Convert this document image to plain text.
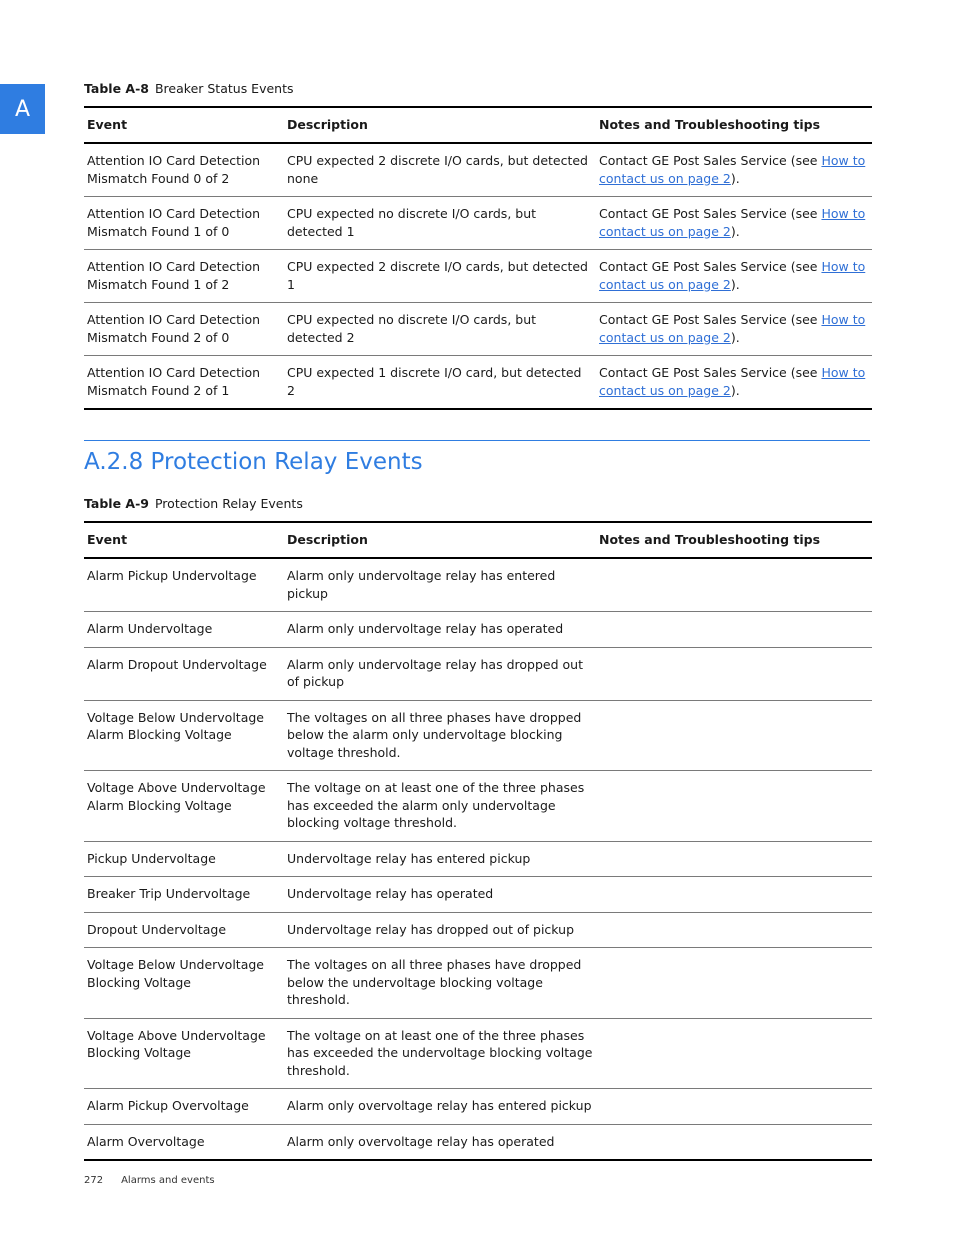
A
Table A-8 Breaker Status Events
Event	Description	Notes and Troubleshooting tips
Attention IO Card Detection Mismatch Found 0 of 2	CPU expected 2 discrete I/O cards, but detected none	Contact GE Post Sales Service (see How to contact us on page 2).
Attention IO Card Detection Mismatch Found 1 of 0	CPU expected no discrete I/O cards, but detected 1	Contact GE Post Sales Service (see How to contact us on page 2).
Attention IO Card Detection Mismatch Found 1 of 2	CPU expected 2 discrete I/O cards, but detected 1	Contact GE Post Sales Service (see How to contact us on page 2).
Attention IO Card Detection Mismatch Found 2 of 0	CPU expected no discrete I/O cards, but detected 2	Contact GE Post Sales Service (see How to contact us on page 2).
Attention IO Card Detection Mismatch Found 2 of 1	CPU expected 1 discrete I/O card, but detected 2	Contact GE Post Sales Service (see How to contact us on page 2).
A.2.8 Protection Relay Events
Table A-9 Protection Relay Events
Event	Description	Notes and Troubleshooting tips
Alarm Pickup Undervoltage	Alarm only undervoltage relay has entered pickup	
Alarm Undervoltage	Alarm only undervoltage relay has operated	
Alarm Dropout Undervoltage	Alarm only undervoltage relay has dropped out of pickup	
Voltage Below Undervoltage Alarm Blocking Voltage	The voltages on all three phases have dropped below the alarm only undervoltage blocking voltage threshold.	
Voltage Above Undervoltage Alarm Blocking Voltage	The voltage on at least one of the three phases has exceeded the alarm only undervoltage blocking voltage threshold.	
Pickup Undervoltage	Undervoltage relay has entered pickup	
Breaker Trip Undervoltage	Undervoltage relay has operated	
Dropout Undervoltage	Undervoltage relay has dropped out of pickup	
Voltage Below Undervoltage Blocking Voltage	The voltages on all three phases have dropped below the undervoltage blocking voltage threshold.	
Voltage Above Undervoltage Blocking Voltage	The voltage on at least one of the three phases has exceeded the undervoltage blocking voltage threshold.	
Alarm Pickup Overvoltage	Alarm only overvoltage relay has entered pickup	
Alarm Overvoltage	Alarm only overvoltage relay has operated	
272 Alarms and events
